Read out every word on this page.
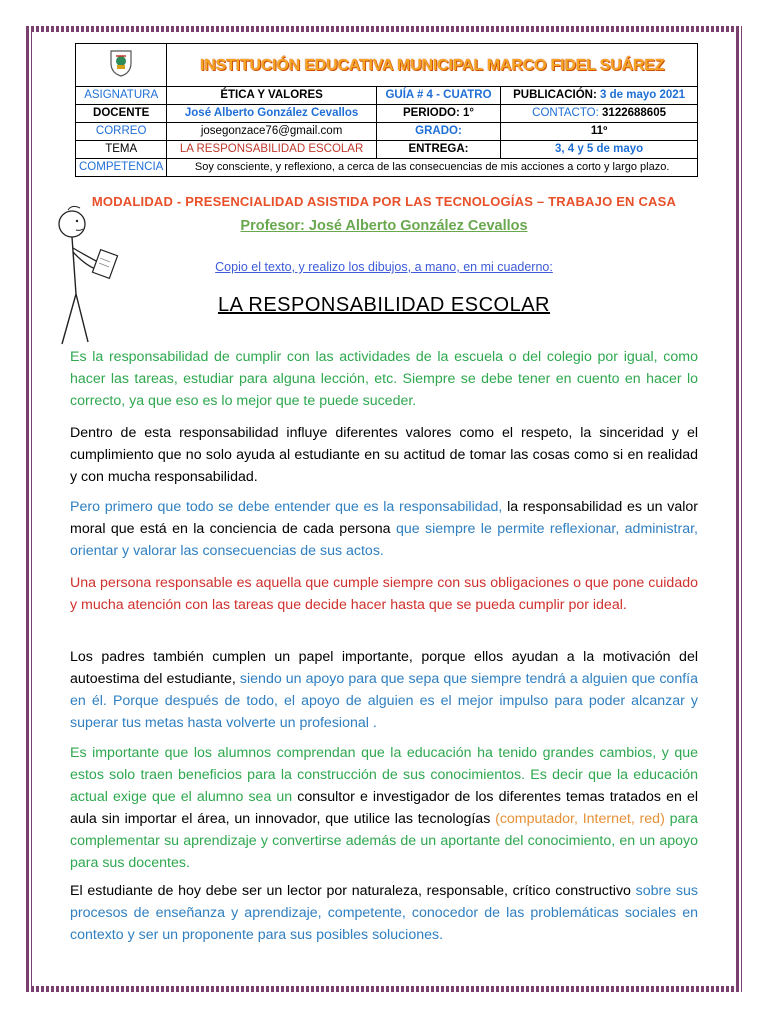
	INSTITUCIÓN EDUCATIVA MUNICIPAL MARCO FIDEL SUÁREZ		
ASIGNATURA	ÉTICA Y VALORES	GUÍA # 4 - CUATRO	PUBLICACIÓN: 3 de mayo 2021
DOCENTE	José Alberto González Cevallos	PERIODO: 1°	CONTACTO: 3122688605
CORREO	josegonzace76@gmail.com	GRADO:	11º
TEMA	LA RESPONSABILIDAD ESCOLAR	ENTREGA:	3, 4 y 5 de mayo
COMPETENCIA	Soy consciente, y reflexiono, a cerca de las consecuencias de mis acciones a corto y largo plazo.		
MODALIDAD - PRESENCIALIDAD ASISTIDA POR LAS TECNOLOGÍAS – TRABAJO EN CASA
Profesor: José Alberto González Cevallos
Copio el texto, y realizo los dibujos, a mano, en mi cuaderno:
LA RESPONSABILIDAD ESCOLAR
Es la responsabilidad de cumplir con las actividades de la escuela o del colegio por igual, como hacer las tareas, estudiar para alguna lección, etc. Siempre se debe tener en cuento en hacer lo correcto, ya que eso es lo mejor que te puede suceder.
Dentro de esta responsabilidad influye diferentes valores como el respeto, la sinceridad y el cumplimiento que no solo ayuda al estudiante en su actitud de tomar las cosas como si en realidad y con mucha responsabilidad.
Pero primero que todo se debe entender que es la responsabilidad, la responsabilidad es un valor moral que está en la conciencia de cada persona que siempre le permite reflexionar, administrar, orientar y valorar las consecuencias de sus actos.
Una persona responsable es aquella que cumple siempre con sus obligaciones o que pone cuidado y mucha atención con las tareas que decide hacer hasta que se pueda cumplir por ideal.
Los padres también cumplen un papel importante, porque ellos ayudan a la motivación del autoestima del estudiante, siendo un apoyo para que sepa que siempre tendrá a alguien que confía en él. Porque después de todo, el apoyo de alguien es el mejor impulso para poder alcanzar y superar tus metas hasta volverte un profesional .
Es importante que los alumnos comprendan que la educación ha tenido grandes cambios, y que estos solo traen beneficios para la construcción de sus conocimientos. Es decir que la educación actual exige que el alumno sea un consultor e investigador de los diferentes temas tratados en el aula sin importar el área, un innovador, que utilice las tecnologías (computador, Internet, red) para complementar su aprendizaje y convertirse además de un aportante del conocimiento, en un apoyo para sus docentes.
El estudiante de hoy debe ser un lector por naturaleza, responsable, crítico constructivo sobre sus procesos de enseñanza y aprendizaje, competente, conocedor de las problemáticas sociales en contexto y ser un proponente para sus posibles soluciones.
